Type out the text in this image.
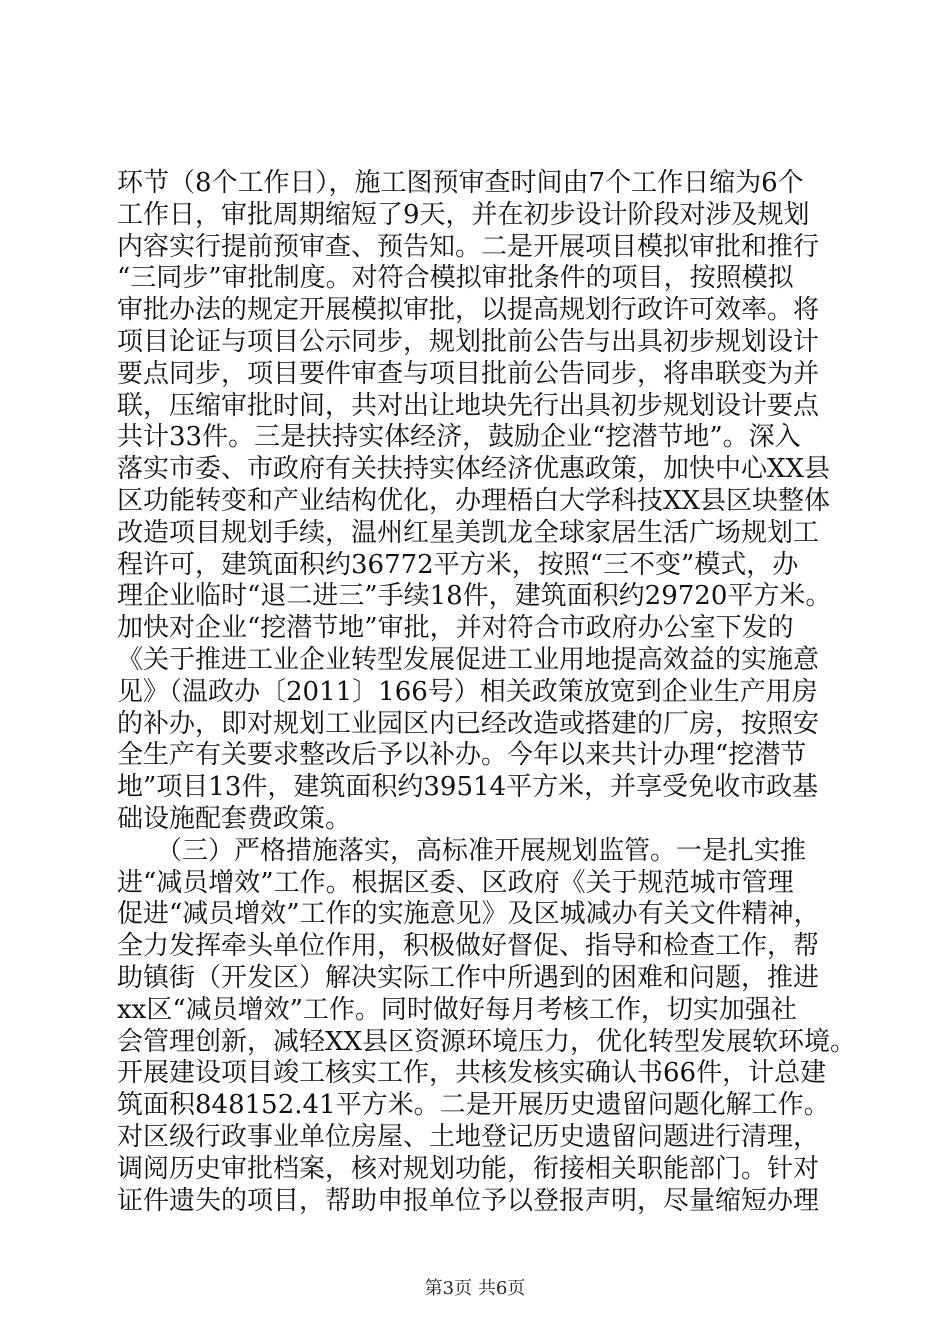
环节（8个工作日），施工图预审查时间由7个工作日缩为6个
工作日，审批周期缩短了9天，并在初步设计阶段对涉及规划
内容实行提前预审查、预告知。二是开展项目模拟审批和推行
“三同步”审批制度。对符合模拟审批条件的项目，按照模拟
审批办法的规定开展模拟审批，以提高规划行政许可效率。将
项目论证与项目公示同步，规划批前公告与出具初步规划设计
要点同步，项目要件审查与项目批前公告同步，将串联变为并
联，压缩审批时间，共对出让地块先行出具初步规划设计要点
共计33件。三是扶持实体经济，鼓励企业“挖潜节地”。深入
落实市委、市政府有关扶持实体经济优惠政策，加快中心XX县
区功能转变和产业结构优化，办理梧白大学科技XX县区块整体
改造项目规划手续，温州红星美凯龙全球家居生活广场规划工
程许可，建筑面积约36772平方米，按照“三不变”模式，办
理企业临时“退二进三”手续18件，建筑面积约29720平方米。
加快对企业“挖潜节地”审批，并对符合市政府办公室下发的
《关于推进工业企业转型发展促进工业用地提高效益的实施意
见》（温政办〔2011〕166号）相关政策放宽到企业生产用房
的补办，即对规划工业园区内已经改造或搭建的厂房，按照安
全生产有关要求整改后予以补办。今年以来共计办理“挖潜节
地”项目13件，建筑面积约39514平方米，并享受免收市政基
础设施配套费政策。
　　（三）严格措施落实，高标准开展规划监管。一是扎实推
进“减员增效”工作。根据区委、区政府《关于规范城市管理
促进“减员增效”工作的实施意见》及区城减办有关文件精神，
全力发挥牵头单位作用，积极做好督促、指导和检查工作，帮
助镇街（开发区）解决实际工作中所遇到的困难和问题，推进
xx区“减员增效”工作。同时做好每月考核工作，切实加强社
会管理创新，减轻XX县区资源环境压力，优化转型发展软环境。
开展建设项目竣工核实工作，共核发核实确认书66件，计总建
筑面积848152.41平方米。二是开展历史遗留问题化解工作。
对区级行政事业单位房屋、土地登记历史遗留问题进行清理，
调阅历史审批档案，核对规划功能，衔接相关职能部门。针对
证件遗失的项目，帮助申报单位予以登报声明，尽量缩短办理
第3页 共6页
